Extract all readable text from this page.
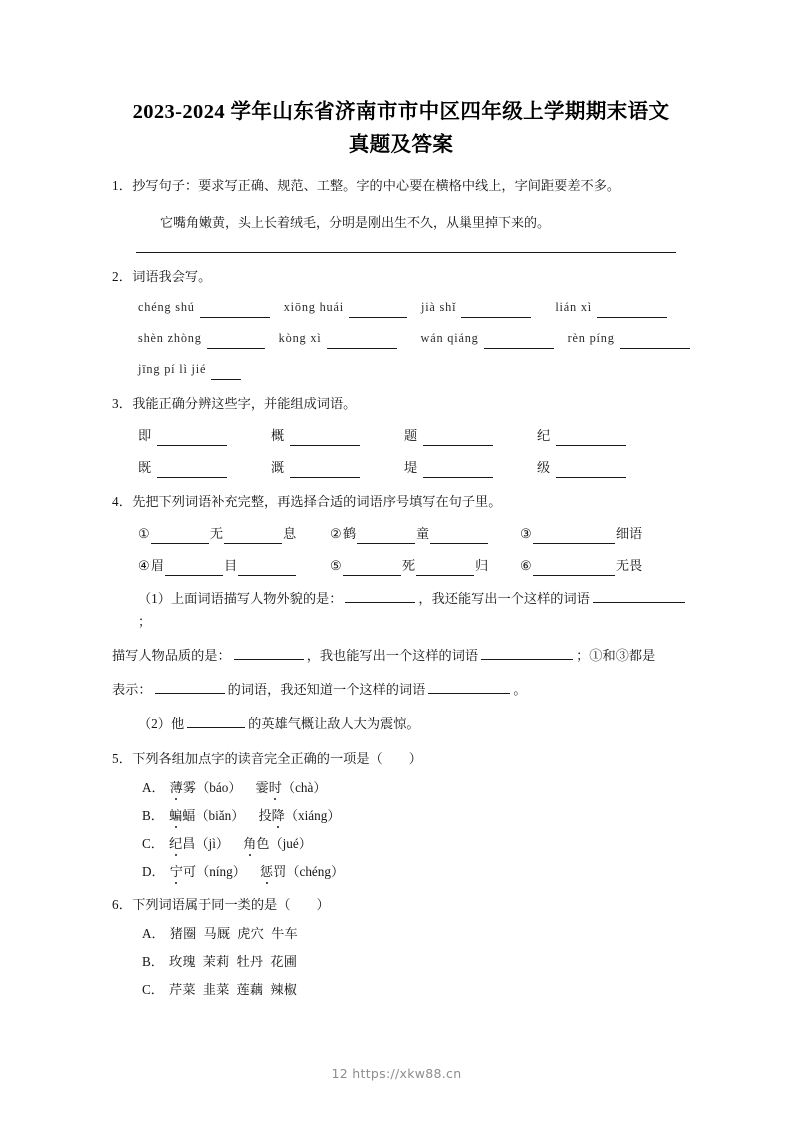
2023-2024 学年山东省济南市市中区四年级上学期期末语文
真题及答案
1．抄写句子：要求写正确、规范、工整。字的中心要在横格中线上，字间距要差不多。
它嘴角嫩黄，头上长着绒毛，分明是刚出生不久，从巢里掉下来的。
2．词语我会写。
chéng shú	xiōng huái	jià shǐ	lián xì
shèn zhòng	kòng xì	wán qiáng	rèn píng
jīng pí lì jié
3．我能正确分辨这些字，并能组成词语。
即	概	题	纪
既	溉	堤	级
4．先把下列词语补充完整，再选择合适的词语序号填写在句子里。
①	无	息	② 鹤	童	③	细语
④ 眉	目	⑤	死	归 ⑥	无畏
（1）上面词语描写人物外貌的是：	，我还能写出一个这样的词语；
描写人物品质的是：	，我也能写出一个这样的词语	；①和③都是
表示：	的词语，我还知道一个这样的词语	。
（2）他	的英雄气概让敌人大为震惊。
5．下列各组加点字的读音完全正确的一项是（ ）
A． 薄雾（báo） 霎时（chà）
B． 蝙蝠（biǎn） 投降（xiáng）
C． 纪昌（jì） 角色（jué）
D． 宁可（níng） 惩罚（chéng）
6．下列词语属于同一类的是（ ）
A． 猪圈 马厩 虎穴 牛车
B． 玫瑰 茉莉 牡丹 花圃
C． 芹菜 韭菜 莲藕 辣椒
12 https://xkw88.cn
